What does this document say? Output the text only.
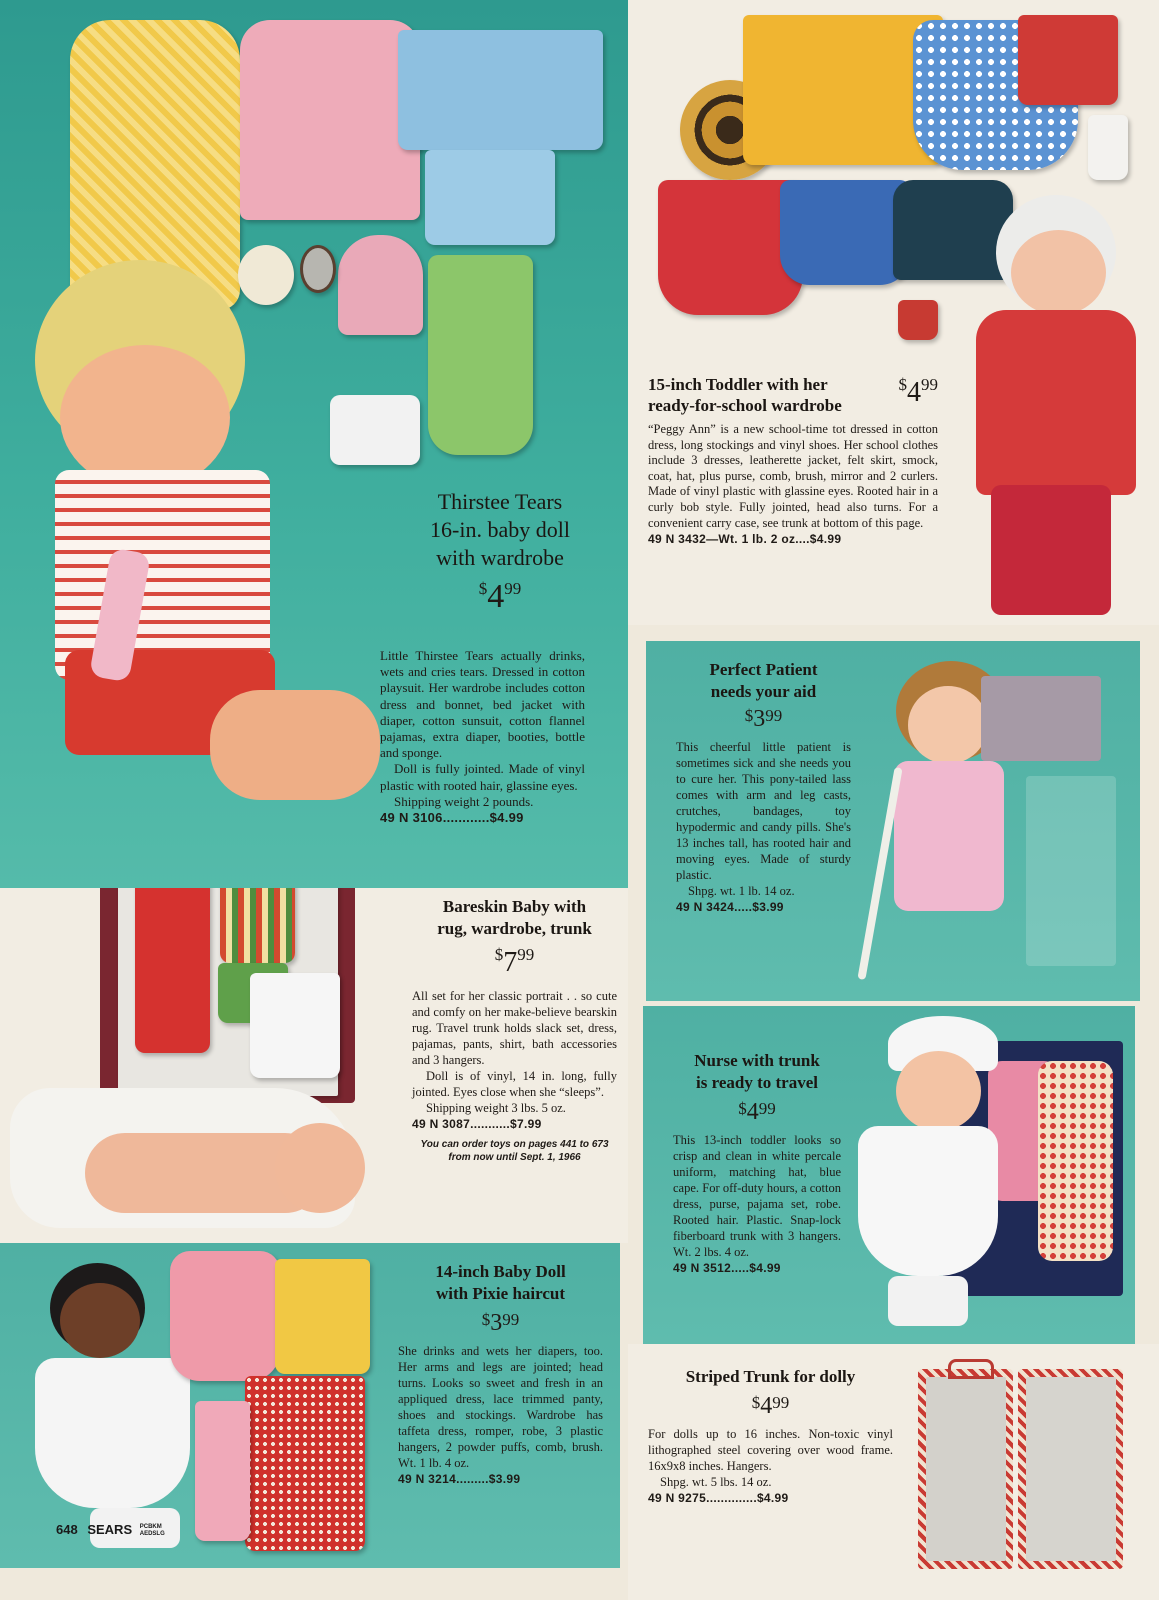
Thirstee Tears
16-in. baby doll
with wardrobe
$^{\$}4^{99}$
Little Thirstee Tears actually drinks, wets and cries tears. Dressed in cotton playsuit. Her wardrobe includes cotton dress and bonnet, bed jacket with diaper, cotton sunsuit, cotton flannel pajamas, extra diaper, booties, bottle and sponge.
Doll is fully jointed. Made of vinyl plastic with rooted hair, glassine eyes.
Shipping weight 2 pounds.
49 N 3106............$4.99
15-inch Toddler with her
ready-for-school wardrobe
$^{\$}4^{99}$
“Peggy Ann” is a new school-time tot dressed in cotton dress, long stockings and vinyl shoes. Her school clothes include 3 dresses, leatherette jacket, felt skirt, smock, coat, hat, plus purse, comb, brush, mirror and 2 curlers. Made of vinyl plastic with glassine eyes. Rooted hair in a curly bob style. Fully jointed, head also turns. For a convenient carry case, see trunk at bottom of this page.
49 N 3432—Wt. 1 lb. 2 oz....$4.99
Perfect Patient
needs your aid
$^{\$}3^{99}$
This cheerful little patient is sometimes sick and she needs you to cure her. This pony-tailed lass comes with arm and leg casts, crutches, bandages, toy hypodermic and candy pills. She's 13 inches tall, has rooted hair and moving eyes. Made of sturdy plastic.
Shpg. wt. 1 lb. 14 oz.
49 N 3424.....$3.99
Bareskin Baby with
rug, wardrobe, trunk
$^{\$}7^{99}$
All set for her classic portrait . . so cute and comfy on her make-believe bearskin rug. Travel trunk holds slack set, dress, pajamas, pants, shirt, bath accessories and 3 hangers.
Doll is of vinyl, 14 in. long, fully jointed. Eyes close when she “sleeps”.
Shipping weight 3 lbs. 5 oz.
49 N 3087...........$7.99
You can order toys on pages 441 to 673 from now until Sept. 1, 1966
Nurse with trunk
is ready to travel
$^{\$}4^{99}$
This 13-inch toddler looks so crisp and clean in white percale uniform, matching hat, blue cape. For off-duty hours, a cotton dress, purse, pajama set, robe. Rooted hair. Plastic. Snap-lock fiberboard trunk with 3 hangers. Wt. 2 lbs. 4 oz.
49 N 3512.....$4.99
14-inch Baby Doll
with Pixie haircut
$^{\$}3^{99}$
She drinks and wets her diapers, too. Her arms and legs are jointed; head turns. Looks so sweet and fresh in an appliqued dress, lace trimmed panty, shoes and stockings. Wardrobe has taffeta dress, romper, robe, 3 plastic hangers, 2 powder puffs, comb, brush. Wt. 1 lb. 4 oz.
49 N 3214.........$3.99
Striped Trunk for dolly
$^{\$}4^{99}$
For dolls up to 16 inches. Non-toxic vinyl lithographed steel covering over wood frame. 16x9x8 inches. Hangers.
Shpg. wt. 5 lbs. 14 oz.
49 N 9275..............$4.99
648 SEARS PCBKM
AEDSLG
